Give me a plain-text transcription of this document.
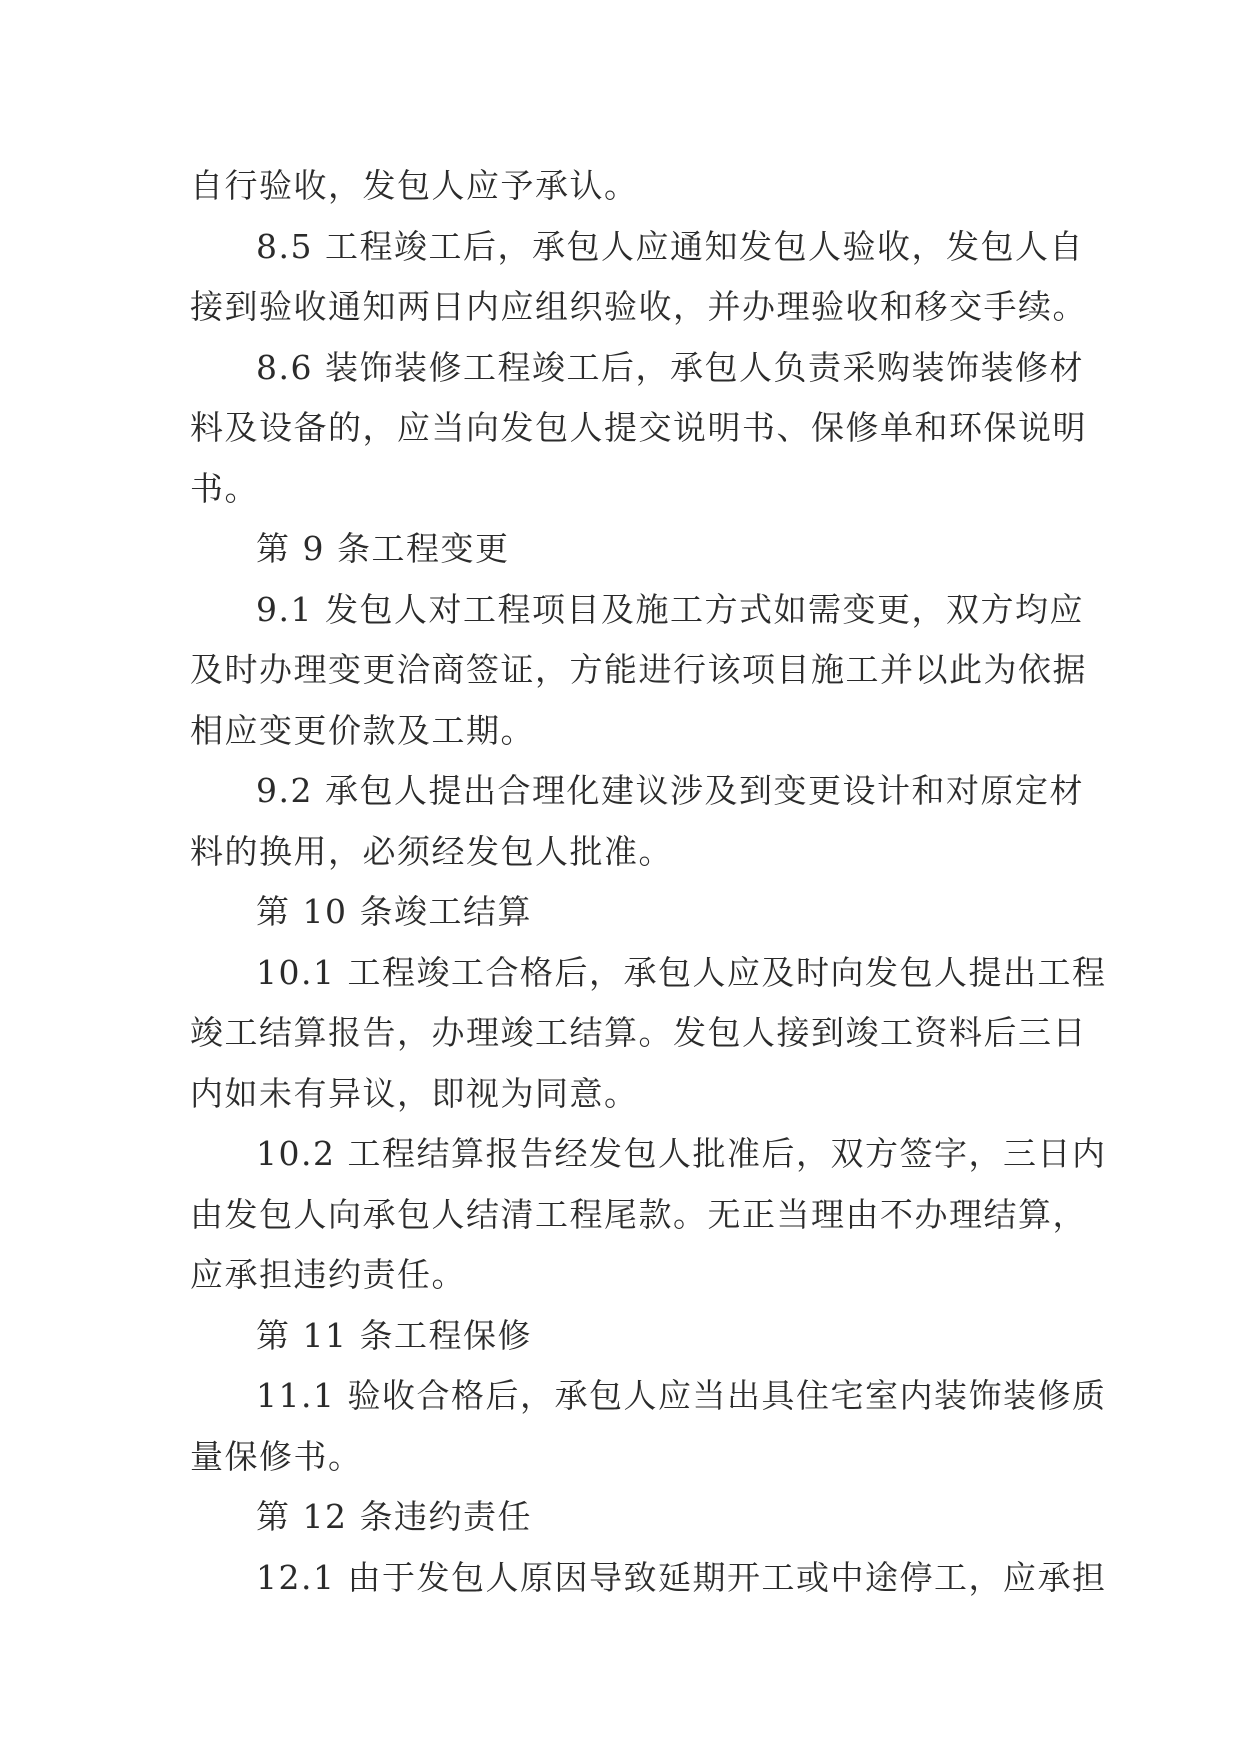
自行验收，发包人应予承认。
8.5 工程竣工后，承包人应通知发包人验收，发包人自
接到验收通知两日内应组织验收，并办理验收和移交手续。
8.6 装饰装修工程竣工后，承包人负责采购装饰装修材
料及设备的，应当向发包人提交说明书、保修单和环保说明
书。
第 9 条工程变更
9.1 发包人对工程项目及施工方式如需变更，双方均应
及时办理变更洽商签证，方能进行该项目施工并以此为依据
相应变更价款及工期。
9.2 承包人提出合理化建议涉及到变更设计和对原定材
料的换用，必须经发包人批准。
第 10 条竣工结算
10.1 工程竣工合格后，承包人应及时向发包人提出工程
竣工结算报告，办理竣工结算。发包人接到竣工资料后三日
内如未有异议，即视为同意。
10.2 工程结算报告经发包人批准后，双方签字，三日内
由发包人向承包人结清工程尾款。无正当理由不办理结算，
应承担违约责任。
第 11 条工程保修
11.1 验收合格后，承包人应当出具住宅室内装饰装修质
量保修书。
第 12 条违约责任
12.1 由于发包人原因导致延期开工或中途停工，应承担
